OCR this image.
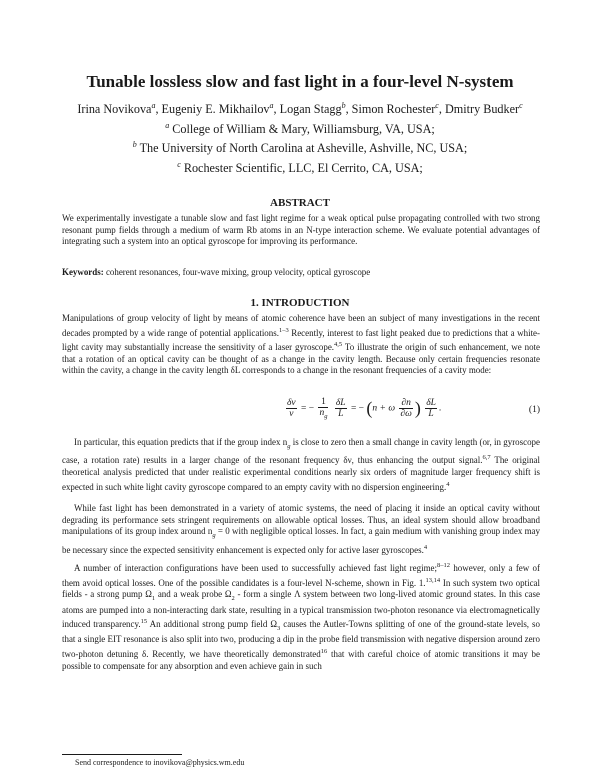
Tunable lossless slow and fast light in a four-level N-system
Irina Novikova$^a$, Eugeniy E. Mikhailov$^a$, Logan Stagg$^b$, Simon Rochester$^c$, Dmitry Budker$^c$
$^a$ College of William & Mary, Williamsburg, VA, USA;
$^b$ The University of North Carolina at Asheville, Ashville, NC, USA;
$^c$ Rochester Scientific, LLC, El Cerrito, CA, USA;
ABSTRACT

We experimentally investigate a tunable slow and fast light regime for a weak optical pulse propagating controlled with two strong resonant pump fields through a medium of warm Rb atoms in an N-type interaction scheme. We evaluate potential advantages of integrating such a system into an optical gyroscope for improving its performance.

Keywords: coherent resonances, four-wave mixing, group velocity, optical gyroscope
1. INTRODUCTION

Manipulations of group velocity of light by means of atomic coherence have been an subject of many investigations in the recent decades prompted by a wide range of potential applications.$^{1-3}$ Recently, interest to fast light peaked due to predictions that a white-light cavity may substantially increase the sensitivity of a laser gyroscope.$^{4,5}$ To illustrate the origin of such enhancement, we note that a rotation of an optical cavity can be thought of as a change in the cavity length. Because only certain frequencies resonate within the cavity, a change in the cavity length δL corresponds to a change in the resonant frequencies of a cavity mode:

$\frac{\delta\nu}{\nu}$ = − $\frac{1}{n_g}$
$\frac{\delta L}{L}$ = − (n + ω $\frac{\partial n}{\partial\omega}$ ) $\frac{\delta L}{L}$ .	(1)

In particular, this equation predicts that if the group index $n_g$ is close to zero then a small change in cavity length (or, in gyroscope case, a rotation rate) results in a larger change of the resonant frequency δν, thus enhancing the output signal.$^{6,7}$ The original theoretical analysis predicted that under realistic experimental conditions nearly six orders of magnitude larger frequency shift is expected in such white light cavity gyroscope compared to an empty cavity with no dispersion engineering.$^4$

While fast light has been demonstrated in a variety of atomic systems, the need of placing it inside an optical cavity without degrading its performance sets stringent requirements on allowable optical losses. Thus, an ideal system should allow broadband manipulations of its group index around $n_g = 0$ with negligible optical losses. In fact, a gain medium with vanishing group index may be necessary since the expected sensitivity enhancement is expected only for active laser gyroscopes.$^4$

A number of interaction configurations have been used to successfully achieved fast light regime;$^{8-12}$ however, only a few of them avoid optical losses. One of the possible candidates is a four-level N-scheme, shown in Fig. 1.$^{13,14}$ In such system two optical fields - a strong pump $\Omega_1$ and a weak probe $\Omega_2$ - form a single Λ system between two long-lived atomic ground states. In this case atoms are pumped into a non-interacting dark state, resulting in a typical transmission two-photon resonance via electromagnetically induced transparency.$^{15}$ An additional strong pump field $\Omega_3$ causes the Autler-Towns splitting of one of the ground-state levels, so that a single EIT resonance is also split into two, producing a dip in the probe field transmission with negative dispersion around zero two-photon detuning δ. Recently, we have theoretically demonstrated$^{16}$ that with careful choice of atomic transitions it may be possible to compensate for any absorption and even achieve gain in such

Send correspondence to inovikova@physics.wm.edu
